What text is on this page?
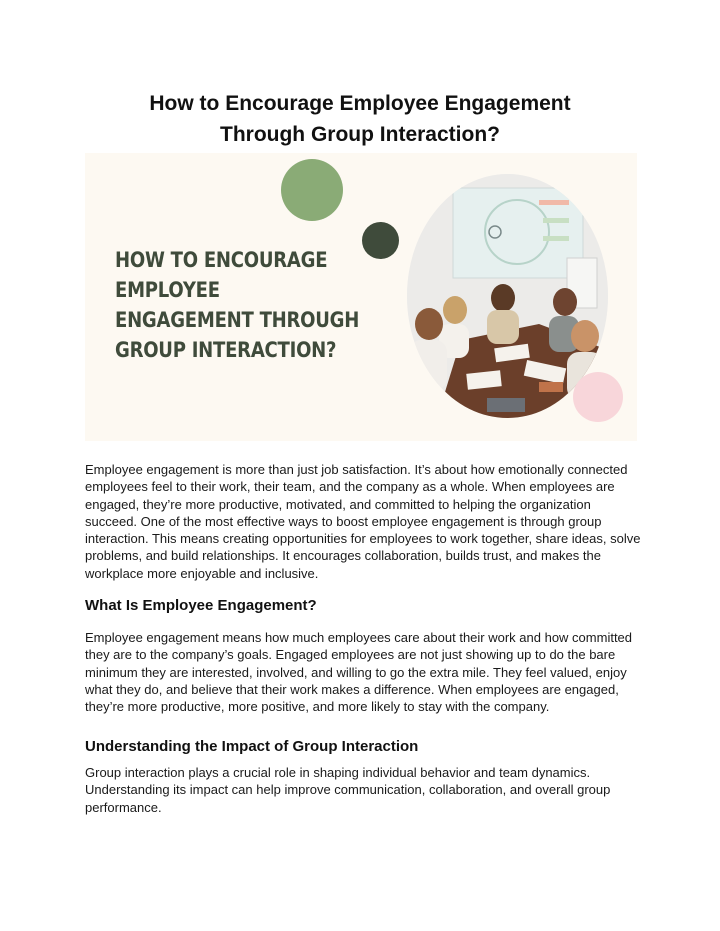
How to Encourage Employee Engagement
Through Group Interaction?

HOW TO ENCOURAGE
EMPLOYEE
ENGAGEMENT THROUGH
GROUP INTERACTION?

Employee engagement is more than just job satisfaction. It’s about how emotionally connected employees feel to their work, their team, and the company as a whole. When employees are engaged, they’re more productive, motivated, and committed to helping the organization succeed. One of the most effective ways to boost employee engagement is through group interaction. This means creating opportunities for employees to work together, share ideas, solve problems, and build relationships. It encourages collaboration, builds trust, and makes the workplace more enjoyable and inclusive.

What Is Employee Engagement?

Employee engagement means how much employees care about their work and how committed they are to the company’s goals. Engaged employees are not just showing up to do the bare minimum they are interested, involved, and willing to go the extra mile. They feel valued, enjoy what they do, and believe that their work makes a difference. When employees are engaged, they’re more productive, more positive, and more likely to stay with the company.

Understanding the Impact of Group Interaction

Group interaction plays a crucial role in shaping individual behavior and team dynamics. Understanding its impact can help improve communication, collaboration, and overall group performance.
